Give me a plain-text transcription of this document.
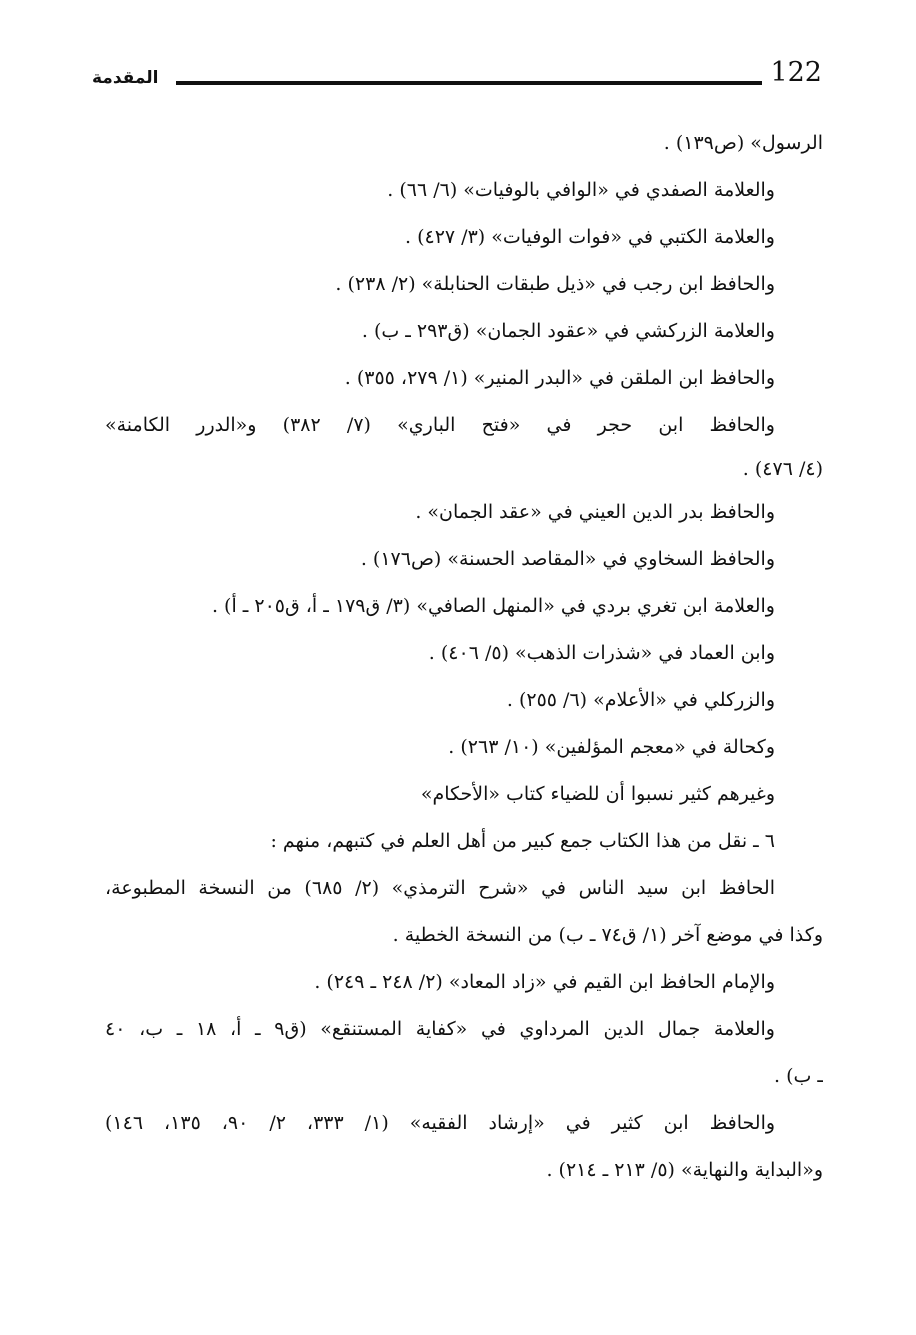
122
المقدمة
الرسول» (ص١٣٩) .
والعلامة الصفدي في «الوافي بالوفيات» (٦/ ٦٦) .
والعلامة الكتبي في «فوات الوفيات» (٣/ ٤٢٧) .
والحافظ ابن رجب في «ذيل طبقات الحنابلة» (٢/ ٢٣٨) .
والعلامة الزركشي في «عقود الجمان» (ق٢٩٣ ـ ب) .
والحافظ ابن الملقن في «البدر المنير» (١/ ٢٧٩، ٣٥٥) .
والحافظ ابن حجر في «فتح الباري» (٧/ ٣٨٢) و«الدرر الكامنة»
(٤/ ٤٧٦) .
والحافظ بدر الدين العيني في «عقد الجمان» .
والحافظ السخاوي في «المقاصد الحسنة» (ص١٧٦) .
والعلامة ابن تغري بردي في «المنهل الصافي» (٣/ ق١٧٩ ـ أ، ق٢٠٥ ـ أ) .
وابن العماد في «شذرات الذهب» (٥/ ٤٠٦) .
والزركلي في «الأعلام» (٦/ ٢٥٥) .
وكحالة في «معجم المؤلفين» (١٠/ ٢٦٣) .
وغيرهم كثير نسبوا أن للضياء كتاب «الأحكام»
٦ ـ نقل من هذا الكتاب جمع كبير من أهل العلم في كتبهم، منهم :
الحافظ ابن سيد الناس في «شرح الترمذي» (٢/ ٦٨٥) من النسخة المطبوعة،
وكذا في موضع آخر (١/ ق٧٤ ـ ب) من النسخة الخطية .
والإمام الحافظ ابن القيم في «زاد المعاد» (٢/ ٢٤٨ ـ ٢٤٩) .
والعلامة جمال الدين المرداوي في «كفاية المستنقع» (ق٩ ـ أ، ١٨ ـ ب، ٤٠
ـ ب) .
والحافظ ابن كثير في «إرشاد الفقيه» (١/ ٣٣٣، ٢/ ٩٠، ١٣٥، ١٤٦)
و«البداية والنهاية» (٥/ ٢١٣ ـ ٢١٤) .
